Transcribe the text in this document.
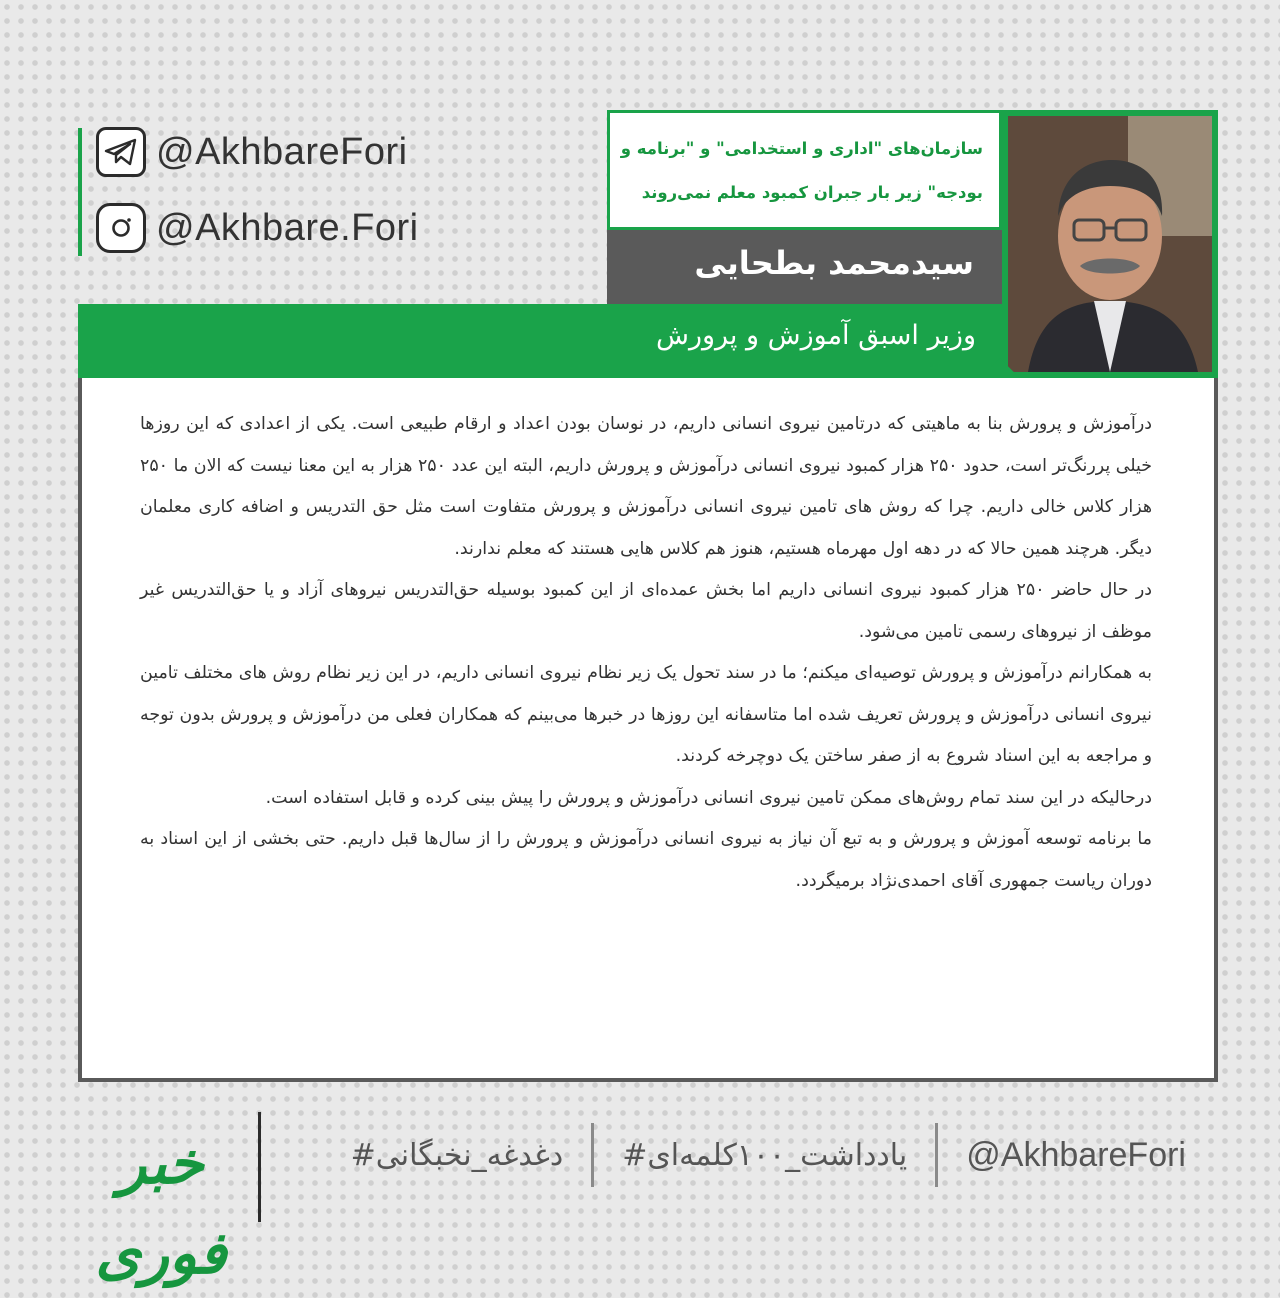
@AkhbareFori
@Akhbare.Fori
سازمان‌های "اداری و استخدامی" و "برنامه و
بودجه" زیر بار جبران کمبود معلم نمی‌روند
سیدمحمد بطحایی
وزیر اسبق آموزش و پرورش

درآموزش و پرورش بنا به ماهیتی که درتامین نیروی انسانی داریم، در نوسان بودن اعداد و ارقام طبیعی است. یکی از اعدادی که این روزها خیلی پررنگ‌تر است، حدود ۲۵۰ هزار کمبود نیروی انسانی درآموزش و پرورش داریم، البته این عدد ۲۵۰ هزار به این معنا نیست که الان ما ۲۵۰ هزار کلاس خالی داریم. چرا که روش های تامین نیروی انسانی درآموزش و پرورش متفاوت است مثل حق التدریس و اضافه کاری معلمان دیگر. هرچند همین حالا که در دهه اول مهرماه هستیم، هنوز هم کلاس هایی هستند که معلم ندارند.

در حال حاضر ۲۵۰ هزار کمبود نیروی انسانی داریم اما بخش عمده‌ای از این کمبود بوسیله حق‌التدریس نیروهای آزاد و یا حق‌التدریس غیر موظف از نیروهای رسمی تامین می‌شود.

به همکارانم درآموزش و پرورش توصیه‌ای میکنم؛ ما در سند تحول یک زیر نظام نیروی انسانی داریم، در این زیر نظام روش های مختلف تامین نیروی انسانی درآموزش و پرورش تعریف شده اما متاسفانه این روزها در خبرها می‌بینم که همکاران فعلی من درآموزش و پرورش بدون توجه و مراجعه به این اسناد شروع به از صفر ساختن یک دوچرخه کردند.

درحالیکه در این سند تمام روش‌های ممکن تامین نیروی انسانی درآموزش و پرورش را پیش بینی کرده و قابل استفاده است.

ما برنامه توسعه آموزش و پرورش و به تبع آن نیاز به نیروی انسانی درآموزش و پرورش را از سال‌ها قبل داریم. حتی بخشی از این اسناد به دوران ریاست جمهوری آقای احمدی‌نژاد برمیگردد.

خبر فوری
#دغدغه_نخبگانی	#یادداشت_۱۰۰کلمه‌ای	@AkhbareFori
